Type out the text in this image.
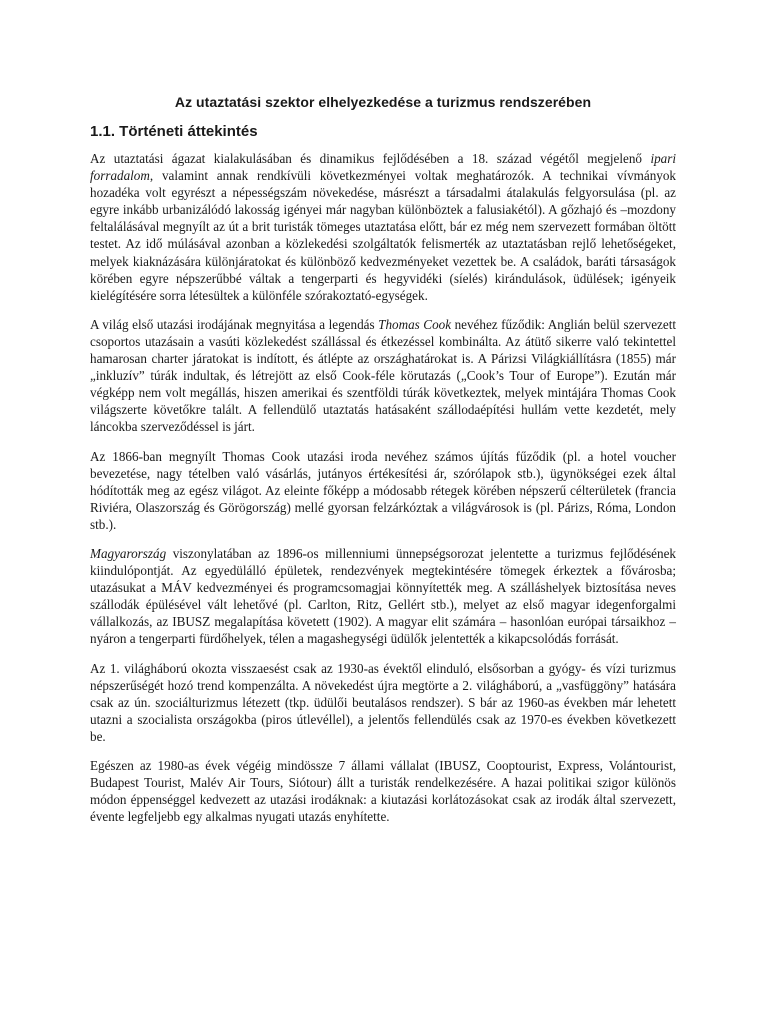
Az utaztatási szektor elhelyezkedése a turizmus rendszerében
1.1. Történeti áttekintés

Az utaztatási ágazat kialakulásában és dinamikus fejlődésében a 18. század végétől megjelenő ipari forradalom, valamint annak rendkívüli következményei voltak meghatározók. A technikai vívmányok hozadéka volt egyrészt a népességszám növekedése, másrészt a társadalmi átalakulás felgyorsulása (pl. az egyre inkább urbanizálódó lakosság igényei már nagyban különböztek a falusiakétól). A gőzhajó és –mozdony feltalálásával megnyílt az út a brit turisták tömeges utaztatása előtt, bár ez még nem szervezett formában öltött testet. Az idő múlásával azonban a közlekedési szolgáltatók felismerték az utaztatásban rejlő lehetőségeket, melyek kiaknázására különjáratokat és különböző kedvezményeket vezettek be. A családok, baráti társaságok körében egyre népszerűbbé váltak a tengerparti és hegyvidéki (síelés) kirándulások, üdülések; igényeik kielégítésére sorra létesültek a különféle szórakoztató-egységek.

A világ első utazási irodájának megnyitása a legendás Thomas Cook nevéhez fűződik: Anglián belül szervezett csoportos utazásain a vasúti közlekedést szállással és étkezéssel kombinálta. Az átütő sikerre való tekintettel hamarosan charter járatokat is indított, és átlépte az országhatárokat is. A Párizsi Világkiállításra (1855) már „inkluzív” túrák indultak, és létrejött az első Cook-féle körutazás („Cook’s Tour of Europe”). Ezután már végképp nem volt megállás, hiszen amerikai és szentföldi túrák következtek, melyek mintájára Thomas Cook világszerte követőkre talált. A fellendülő utaztatás hatásaként szállodaépítési hullám vette kezdetét, mely láncokba szerveződéssel is járt.

Az 1866-ban megnyílt Thomas Cook utazási iroda nevéhez számos újítás fűződik (pl. a hotel voucher bevezetése, nagy tételben való vásárlás, jutányos értékesítési ár, szórólapok stb.), ügynökségei ezek által hódították meg az egész világot. Az eleinte főképp a módosabb rétegek körében népszerű célterületek (francia Riviéra, Olaszország és Görögország) mellé gyorsan felzárkóztak a világvárosok is (pl. Párizs, Róma, London stb.).

Magyarország viszonylatában az 1896-os millenniumi ünnepségsorozat jelentette a turizmus fejlődésének kiindulópontját. Az egyedülálló épületek, rendezvények megtekintésére tömegek érkeztek a fővárosba; utazásukat a MÁV kedvezményei és programcsomagjai könnyítették meg. A szálláshelyek biztosítása neves szállodák épülésével vált lehetővé (pl. Carlton, Ritz, Gellért stb.), melyet az első magyar idegenforgalmi vállalkozás, az IBUSZ megalapítása követett (1902). A magyar elit számára – hasonlóan európai társaikhoz – nyáron a tengerparti fürdőhelyek, télen a magashegységi üdülők jelentették a kikapcsolódás forrását.

Az 1. világháború okozta visszaesést csak az 1930-as évektől elinduló, elsősorban a gyógy- és vízi turizmus népszerűségét hozó trend kompenzálta. A növekedést újra megtörte a 2. világháború, a „vasfüggöny” hatására csak az ún. szociálturizmus létezett (tkp. üdülői beutalásos rendszer). S bár az 1960-as években már lehetett utazni a szocialista országokba (piros útlevéllel), a jelentős fellendülés csak az 1970-es években következett be.

Egészen az 1980-as évek végéig mindössze 7 állami vállalat (IBUSZ, Cooptourist, Express, Volántourist, Budapest Tourist, Malév Air Tours, Siótour) állt a turisták rendelkezésére. A hazai politikai szigor különös módon éppenséggel kedvezett az utazási irodáknak: a kiutazási korlátozásokat csak az irodák által szervezett, évente legfeljebb egy alkalmas nyugati utazás enyhítette.
